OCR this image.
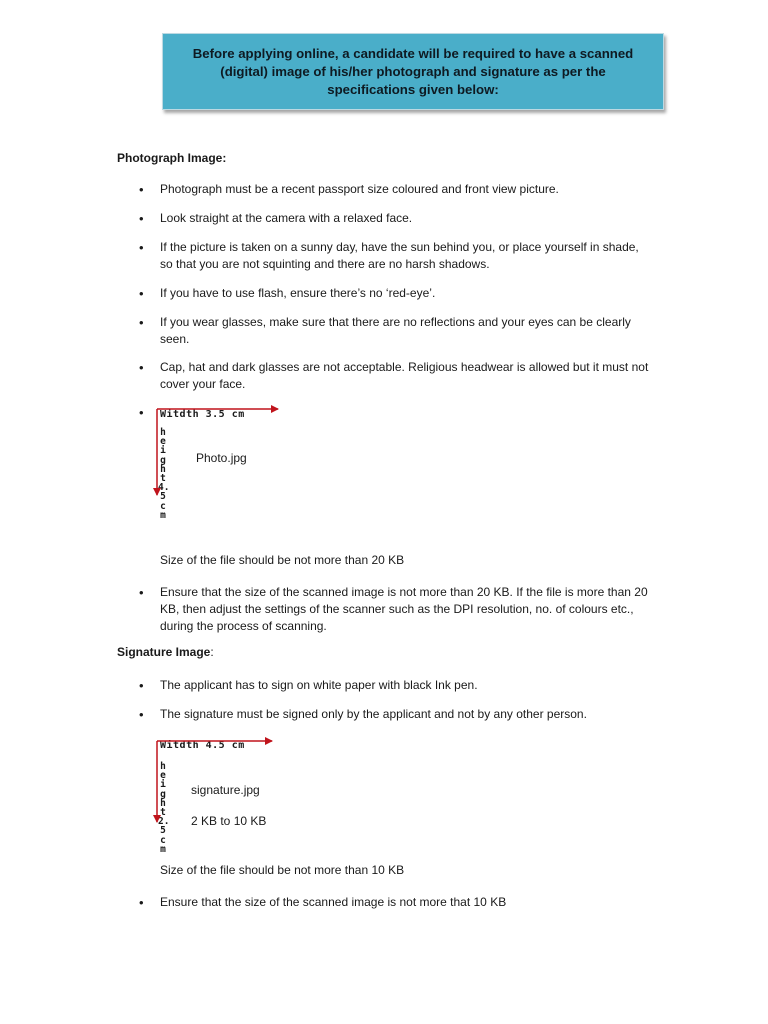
Before applying online, a candidate will be required to have a scanned (digital) image of his/her photograph and signature as per the specifications given below:
Photograph Image:
• Photograph must be a recent passport size coloured and front view picture.
• Look straight at the camera with a relaxed face.
• If the picture is taken on a sunny day, have the sun behind you, or place yourself in shade, so that you are not squinting and there are no harsh shadows.
• If you have to use flash, ensure there’s no ‘red-eye’.
• If you wear glasses, make sure that there are no reflections and your eyes can be clearly seen.
• Cap, hat and dark glasses are not acceptable. Religious headwear is allowed but it must not cover your face.
Witdth 3.5 cm
height 4.5 cm
Photo.jpg
Size of the file should be not more than 20 KB
• Ensure that the size of the scanned image is not more than 20 KB. If the file is more than 20 KB, then adjust the settings of the scanner such as the DPI resolution, no. of colours etc., during the process of scanning.
Signature Image:
• The applicant has to sign on white paper with black Ink pen.
• The signature must be signed only by the applicant and not by any other person.
Witdth 4.5 cm
height 2.5 cm
signature.jpg
2 KB to 10 KB
Size of the file should be not more than 10 KB
• Ensure that the size of the scanned image is not more that 10 KB
